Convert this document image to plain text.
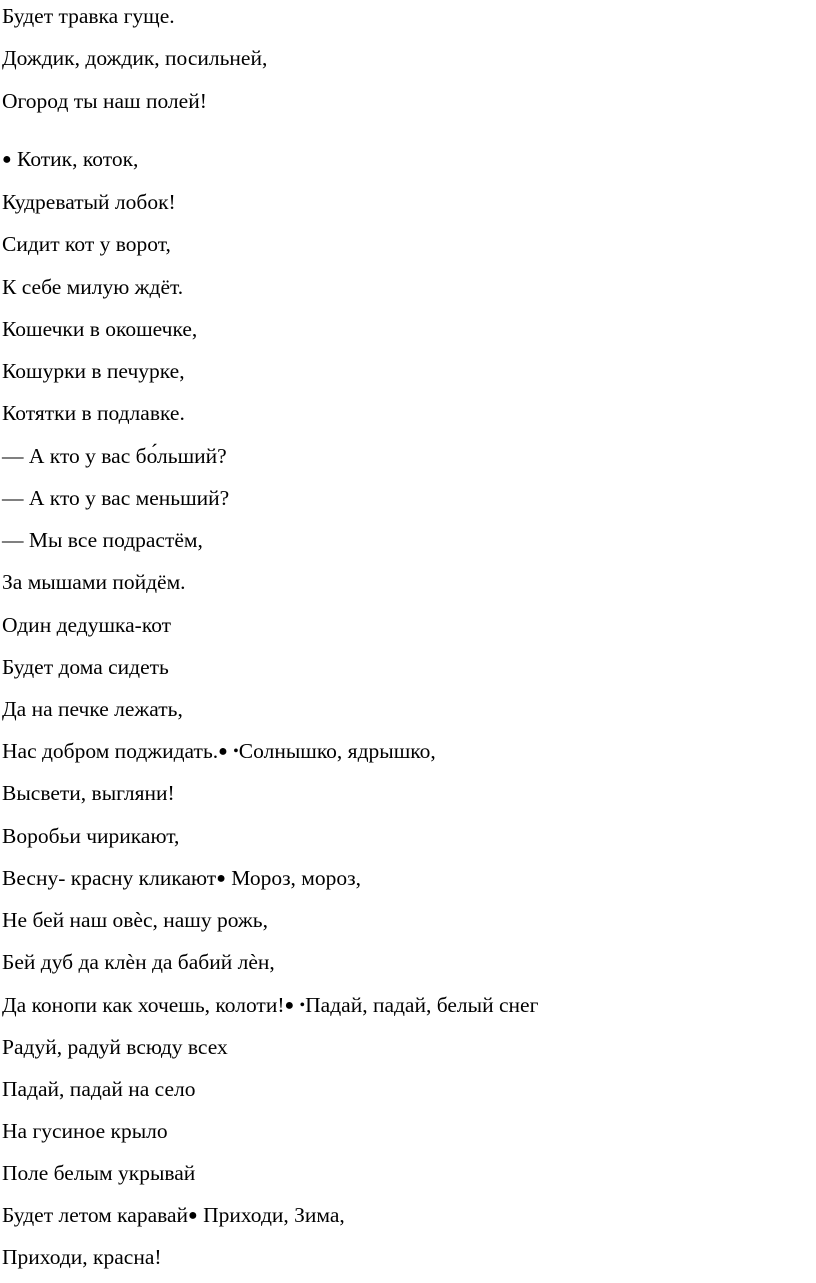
Будет травка гуще.
Дождик, дождик, посильней,
Огород ты наш полей!
● Котик, коток,
Кудреватый лобок!
Сидит кот у ворот,
К себе милую ждёт.
Кошечки в окошечке,
Кошурки в печурке,
Котятки в подлавке.
— А кто у вас бо́льший?
— А кто у вас меньший?
— Мы все подрастём,
За мышами пойдём.
Один дедушка-кот
Будет дома сидеть
Да на печке лежать,
Нас добром поджидать.● •Солнышко, ядрышко,
Высвети, выгляни!
Воробьи чирикают,
Весну- красну кликают● Мороз, мороз,
Не бей наш овѐс, нашу рожь,
Бей дуб да клѐн да бабий лѐн,
Да конопи как хочешь, колоти!● •Падай, падай, белый снег
Радуй, радуй всюду всех
Падай, падай на село
На гусиное крыло
Поле белым укрывай
Будет летом каравай● Приходи, Зима,
Приходи, красна!
